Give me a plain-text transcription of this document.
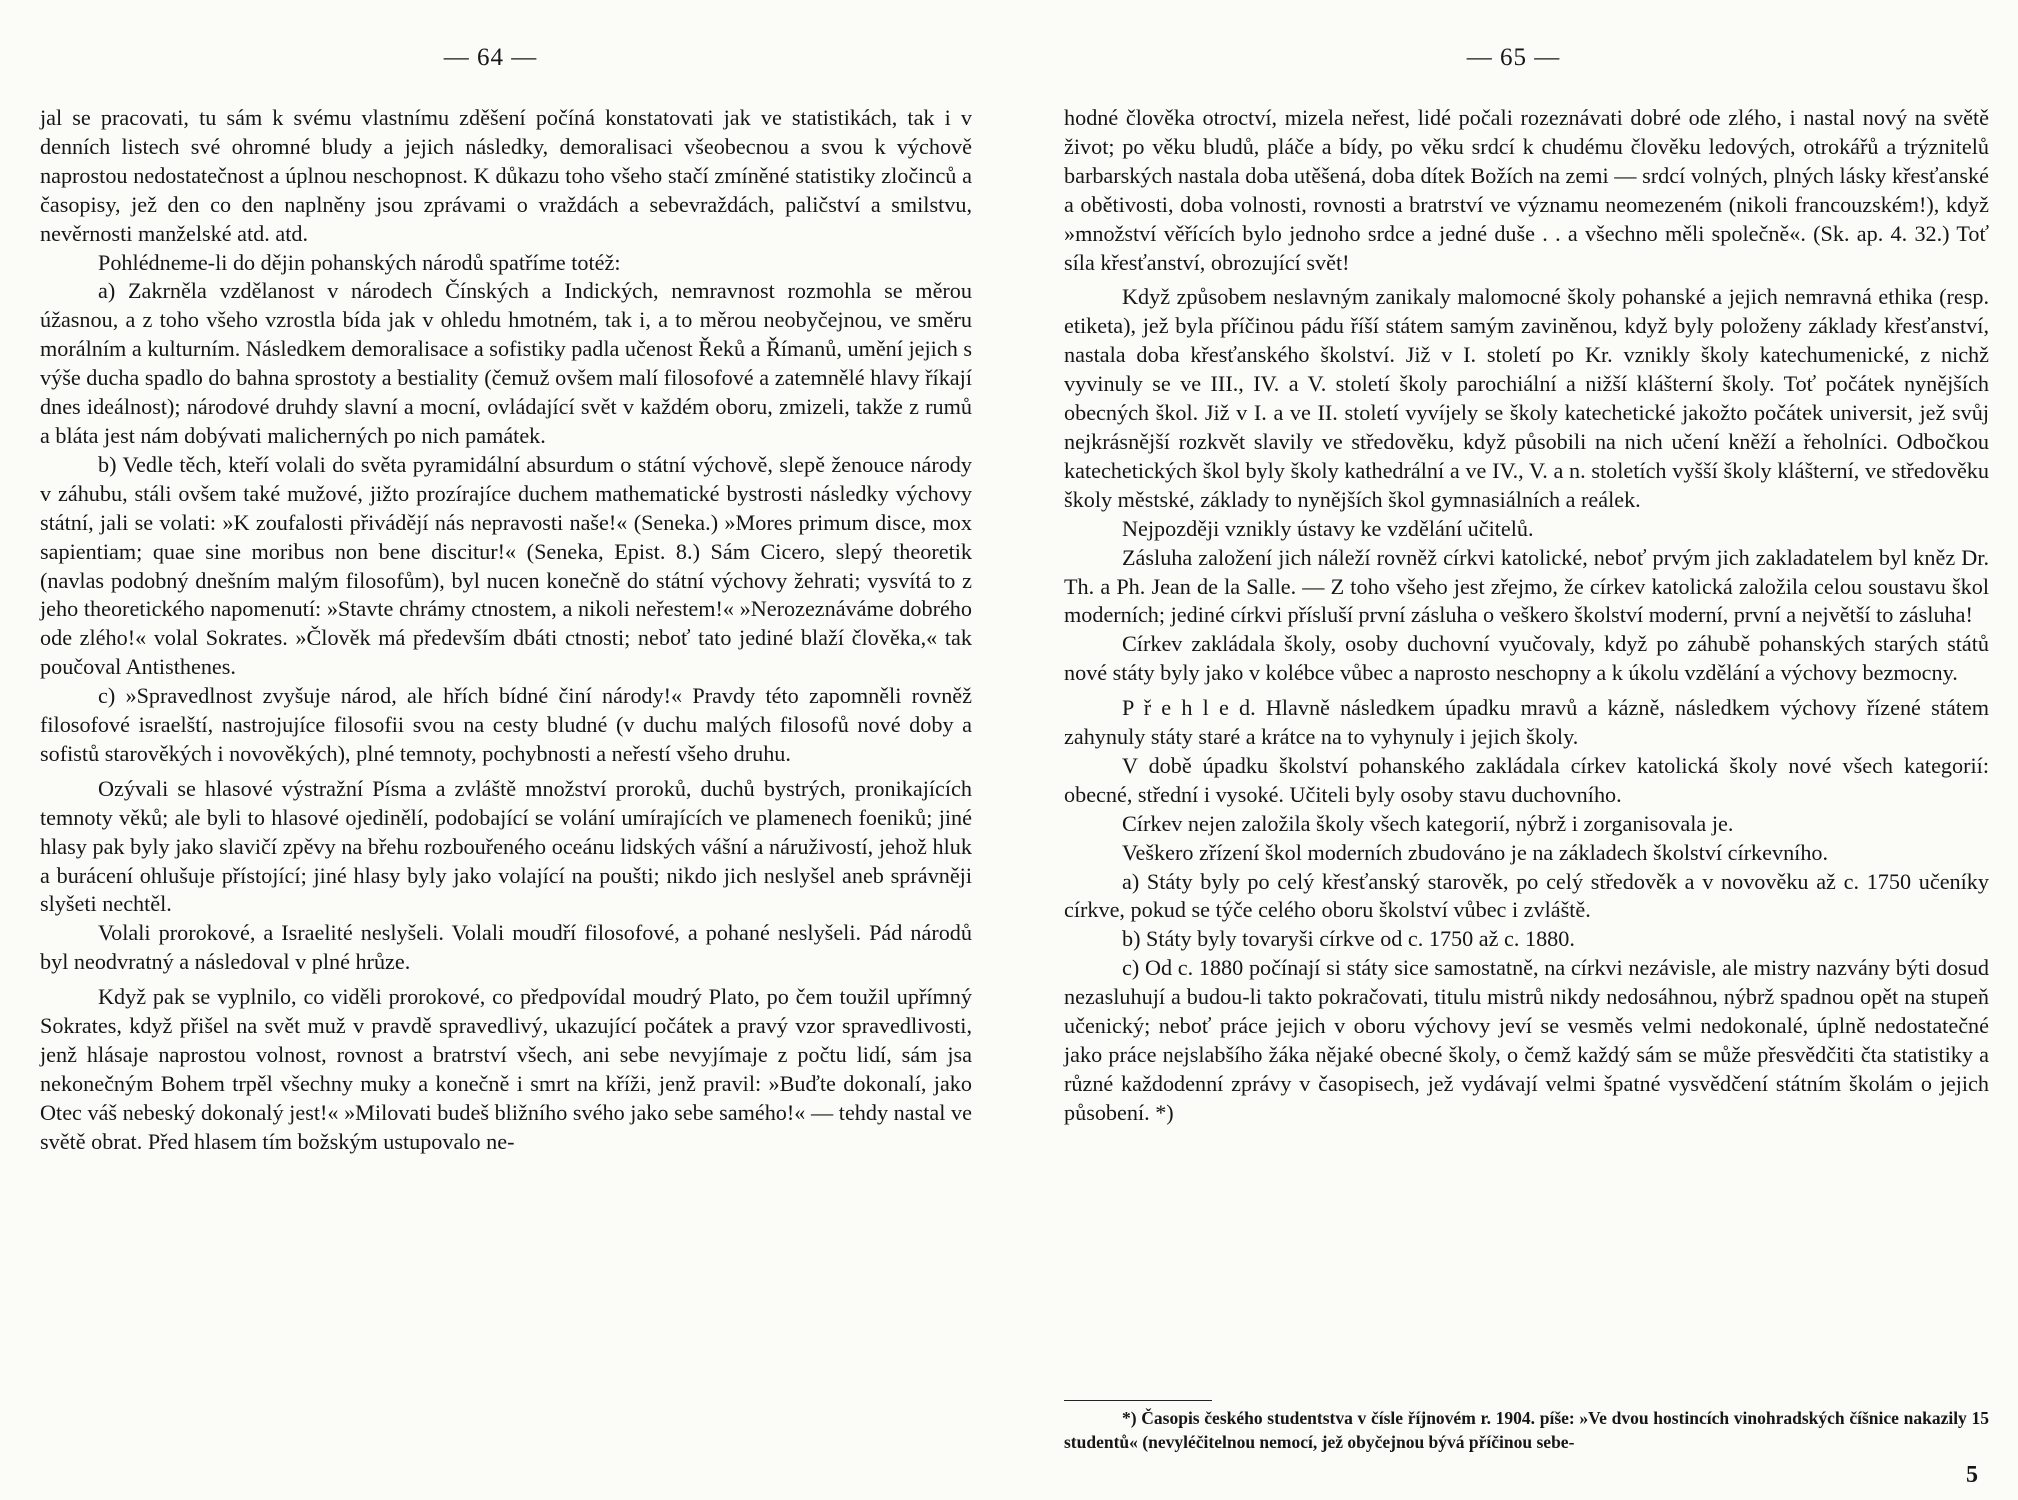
— 64 —

jal se pracovati, tu sám k svému vlastnímu zděšení počíná konstatovati jak ve statistikách, tak i v denních listech své ohromné bludy a jejich následky, demoralisaci všeobecnou a svou k výchově naprostou nedostatečnost a úplnou neschopnost. K důkazu toho všeho stačí zmíněné statistiky zločinců a časopisy, jež den co den naplněny jsou zprávami o vraždách a sebevraždách, paličství a smilstvu, nevěrnosti manželské atd. atd.

Pohlédneme-li do dějin pohanských národů spatříme totéž:

a) Zakrněla vzdělanost v národech Čínských a Indických, nemravnost rozmohla se měrou úžasnou, a z toho všeho vzrostla bída jak v ohledu hmotném, tak i, a to měrou neobyčejnou, ve směru morálním a kulturním. Následkem demoralisace a sofistiky padla učenost Řeků a Římanů, umění jejich s výše ducha spadlo do bahna sprostoty a bestiality (čemuž ovšem malí filosofové a zatemnělé hlavy říkají dnes ideálnost); národové druhdy slavní a mocní, ovládající svět v každém oboru, zmizeli, takže z rumů a bláta jest nám dobývati malicherných po nich památek.

b) Vedle těch, kteří volali do světa pyramidální absurdum o státní výchově, slepě ženouce národy v záhubu, stáli ovšem také mužové, jižto prozírajíce duchem mathematické bystrosti následky výchovy státní, jali se volati: »K zoufalosti přivádějí nás nepravosti naše!« (Seneka.) »Mores primum disce, mox sapientiam; quae sine moribus non bene discitur!« (Seneka, Epist. 8.) Sám Cicero, slepý theoretik (navlas podobný dnešním malým filosofům), byl nucen konečně do státní výchovy žehrati; vysvítá to z jeho theoretického napomenutí: »Stavte chrámy ctnostem, a nikoli neřestem!« »Nerozeznáváme dobrého ode zlého!« volal Sokrates. »Člověk má především dbáti ctnosti; neboť tato jediné blaží člověka,« tak poučoval Antisthenes.

c) »Spravedlnost zvyšuje národ, ale hřích bídné činí národy!« Pravdy této zapomněli rovněž filosofové israelští, nastrojujíce filosofii svou na cesty bludné (v duchu malých filosofů nové doby a sofistů starověkých i novověkých), plné temnoty, pochybnosti a neřestí všeho druhu.

Ozývali se hlasové výstražní Písma a zvláště množství proroků, duchů bystrých, pronikajících temnoty věků; ale byli to hlasové ojedinělí, podobající se volání umírajících ve plamenech foeniků; jiné hlasy pak byly jako slavičí zpěvy na břehu rozbouřeného oceánu lidských vášní a náruživostí, jehož hluk a burácení ohlušuje přístojící; jiné hlasy byly jako volající na poušti; nikdo jich neslyšel aneb správněji slyšeti nechtěl.

Volali prorokové, a Israelité neslyšeli. Volali moudří filosofové, a pohané neslyšeli. Pád národů byl neodvratný a následoval v plné hrůze.

Když pak se vyplnilo, co viděli prorokové, co předpovídal moudrý Plato, po čem toužil upřímný Sokrates, když přišel na svět muž v pravdě spravedlivý, ukazující počátek a pravý vzor spravedlivosti, jenž hlásaje naprostou volnost, rovnost a bratrství všech, ani sebe nevyjímaje z počtu lidí, sám jsa nekonečným Bohem trpěl všechny muky a konečně i smrt na kříži, jenž pravil: »Buďte dokonalí, jako Otec váš nebeský dokonalý jest!« »Milovati budeš bližního svého jako sebe samého!« — tehdy nastal ve světě obrat. Před hlasem tím božským ustupovalo ne-

— 65 —

hodné člověka otroctví, mizela neřest, lidé počali rozeznávati dobré ode zlého, i nastal nový na světě život; po věku bludů, pláče a bídy, po věku srdcí k chudému člověku ledových, otrokářů a trýznitelů barbarských nastala doba utěšená, doba dítek Božích na zemi — srdcí volných, plných lásky křesťanské a obětivosti, doba volnosti, rovnosti a bratrství ve významu neomezeném (nikoli francouzském!), když »množství věřících bylo jednoho srdce a jedné duše . . a všechno měli společně«. (Sk. ap. 4. 32.) Toť síla křesťanství, obrozující svět!

Když způsobem neslavným zanikaly malomocné školy pohanské a jejich nemravná ethika (resp. etiketa), jež byla příčinou pádu říší státem samým zaviněnou, když byly položeny základy křesťanství, nastala doba křesťanského školství. Již v I. století po Kr. vznikly školy katechumenické, z nichž vyvinuly se ve III., IV. a V. století školy parochiální a nižší klášterní školy. Toť počátek nynějších obecných škol. Již v I. a ve II. století vyvíjely se školy katechetické jakožto počátek universit, jež svůj nejkrásnější rozkvět slavily ve středověku, když působili na nich učení kněží a řeholníci. Odbočkou katechetických škol byly školy kathedrální a ve IV., V. a n. stoletích vyšší školy klášterní, ve středověku školy městské, základy to nynějších škol gymnasiálních a reálek.

Nejpozději vznikly ústavy ke vzdělání učitelů.

Zásluha založení jich náleží rovněž církvi katolické, neboť prvým jich zakladatelem byl kněz Dr. Th. a Ph. Jean de la Salle. — Z toho všeho jest zřejmo, že církev katolická založila celou soustavu škol moderních; jediné církvi přísluší první zásluha o veškero školství moderní, první a největší to zásluha!

Církev zakládala školy, osoby duchovní vyučovaly, když po záhubě pohanských starých států nové státy byly jako v kolébce vůbec a naprosto neschopny a k úkolu vzdělání a výchovy bezmocny.

P ř e h l e d. Hlavně následkem úpadku mravů a kázně, následkem výchovy řízené státem zahynuly státy staré a krátce na to vyhynuly i jejich školy.

V době úpadku školství pohanského zakládala církev katolická školy nové všech kategorií: obecné, střední i vysoké. Učiteli byly osoby stavu duchovního.

Církev nejen založila školy všech kategorií, nýbrž i zorganisovala je.

Veškero zřízení škol moderních zbudováno je na základech školství církevního.

a) Státy byly po celý křesťanský starověk, po celý středověk a v novověku až c. 1750 učeníky církve, pokud se týče celého oboru školství vůbec i zvláště.

b) Státy byly tovaryši církve od c. 1750 až c. 1880.

c) Od c. 1880 počínají si státy sice samostatně, na církvi nezávisle, ale mistry nazvány býti dosud nezasluhují a budou-li takto pokračovati, titulu mistrů nikdy nedosáhnou, nýbrž spadnou opět na stupeň učenický; neboť práce jejich v oboru výchovy jeví se vesměs velmi nedokonalé, úplně nedostatečné jako práce nejslabšího žáka nějaké obecné školy, o čemž každý sám se může přesvědčiti čta statistiky a různé každodenní zprávy v časopisech, jež vydávají velmi špatné vysvědčení státním školám o jejich působení. *)

*) Časopis českého studentstva v čísle říjnovém r. 1904. píše: »Ve dvou hostincích vinohradských číšnice nakazily 15 studentů« (nevyléčitelnou nemocí, jež obyčejnou bývá příčinou sebe-
5
